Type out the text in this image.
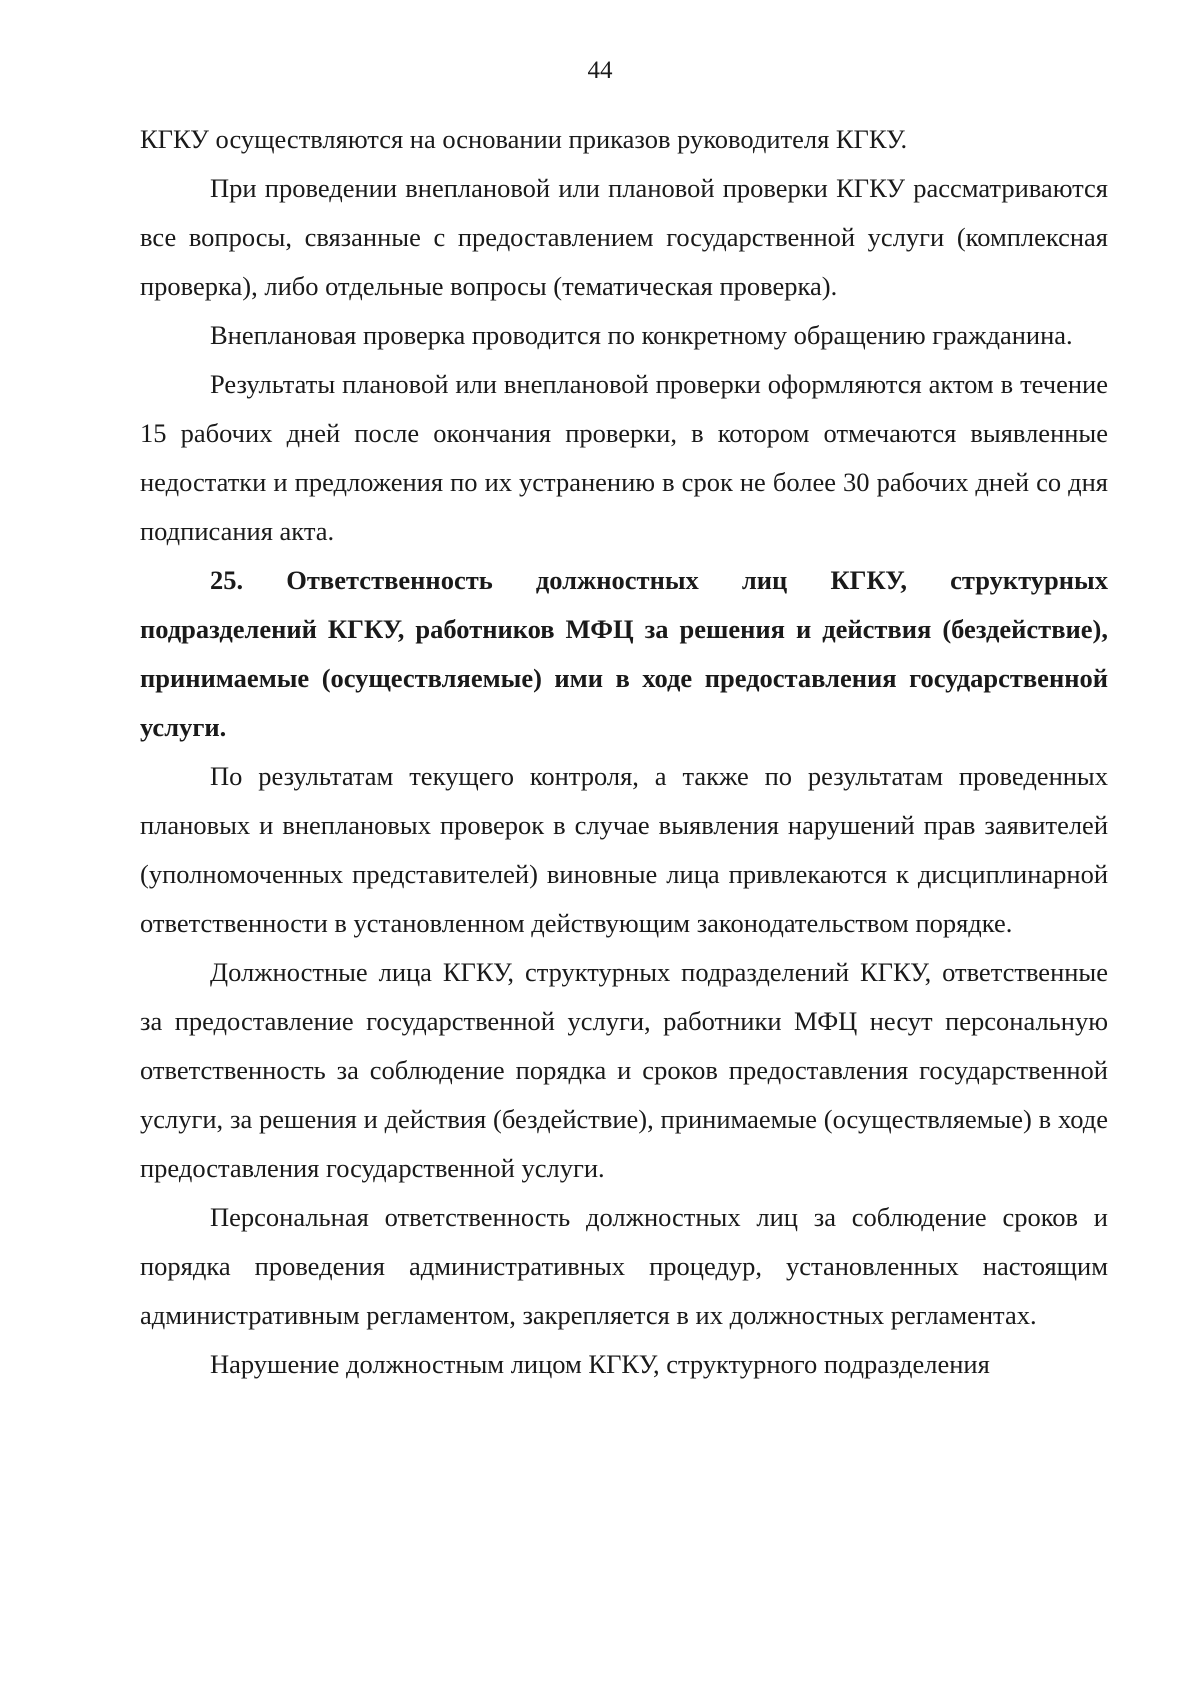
44

КГКУ осуществляются на основании приказов руководителя КГКУ.

При проведении внеплановой или плановой проверки КГКУ рассматриваются все вопросы, связанные с предоставлением государственной услуги (комплексная проверка), либо отдельные вопросы (тематическая проверка).

Внеплановая проверка проводится по конкретному обращению гражданина.

Результаты плановой или внеплановой проверки оформляются актом в течение 15 рабочих дней после окончания проверки, в котором отмечаются выявленные недостатки и предложения по их устранению в срок не более 30 рабочих дней со дня подписания акта.

25. Ответственность должностных лиц КГКУ, структурных подразделений КГКУ, работников МФЦ за решения и действия (бездействие), принимаемые (осуществляемые) ими в ходе предоставления государственной услуги.

По результатам текущего контроля, а также по результатам проведенных плановых и внеплановых проверок в случае выявления нарушений прав заявителей (уполномоченных представителей) виновные лица привлекаются к дисциплинарной ответственности в установленном действующим законодательством порядке.

Должностные лица КГКУ, структурных подразделений КГКУ, ответственные за предоставление государственной услуги, работники МФЦ несут персональную ответственность за соблюдение порядка и сроков предоставления государственной услуги, за решения и действия (бездействие), принимаемые (осуществляемые) в ходе предоставления государственной услуги.

Персональная ответственность должностных лиц за соблюдение сроков и порядка проведения административных процедур, установленных настоящим административным регламентом, закрепляется в их должностных регламентах.

Нарушение должностным лицом КГКУ, структурного подразделения
